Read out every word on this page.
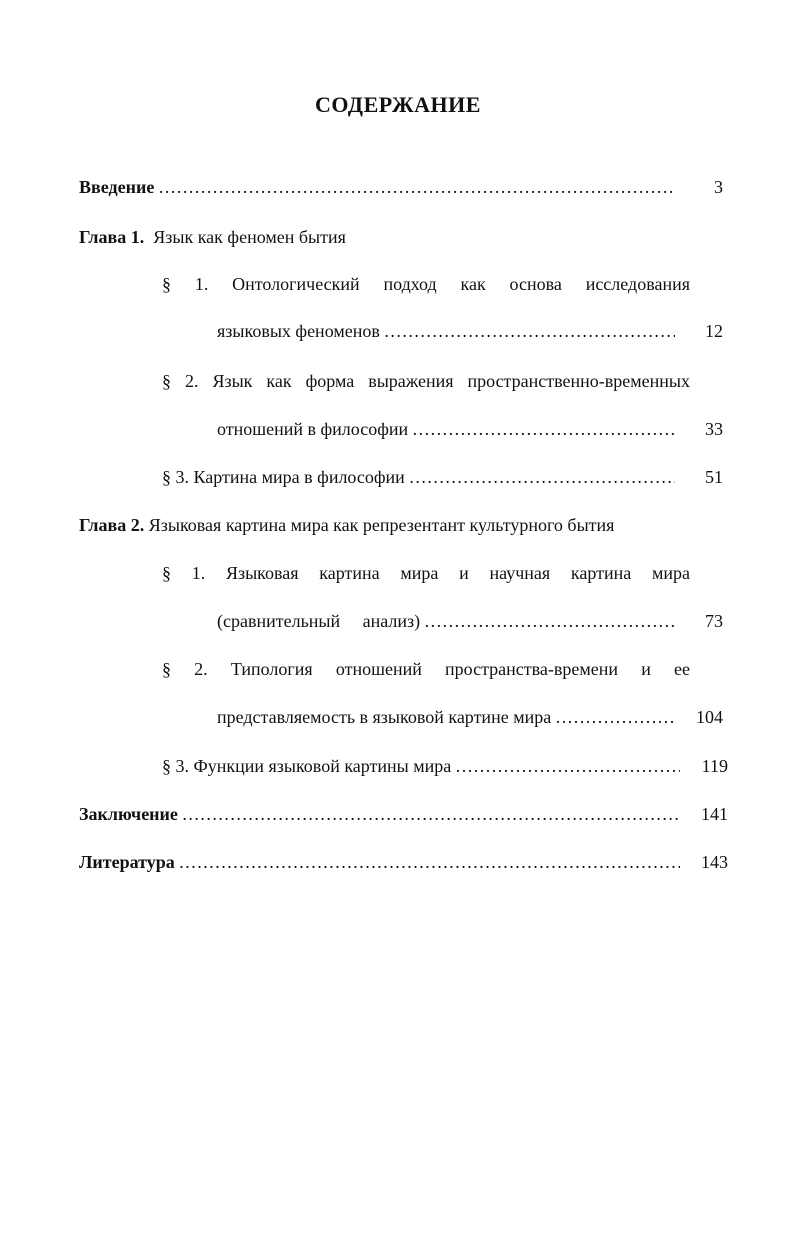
СОДЕРЖАНИЕ
Введение .....	3
Глава 1.
Язык как феномен бытия
§ 1. Онтологический подход как основа исследования
языковых феноменов .....	12
§ 2. Язык как форма выражения пространственно-временных
отношений в философии .....	33
§ 3. Картина мира в философии .....	51
Глава 2.
Языковая картина мира как репрезентант культурного бытия
§ 1. Языковая картина мира и научная картина мира
(сравнительный анализ) .....	73
§ 2. Типология отношений пространства-времени и ее
представляемость в языковой картине мира .....	104
§ 3. Функции языковой картины мира .....	119
Заключение .....	141
Литература .....	143
